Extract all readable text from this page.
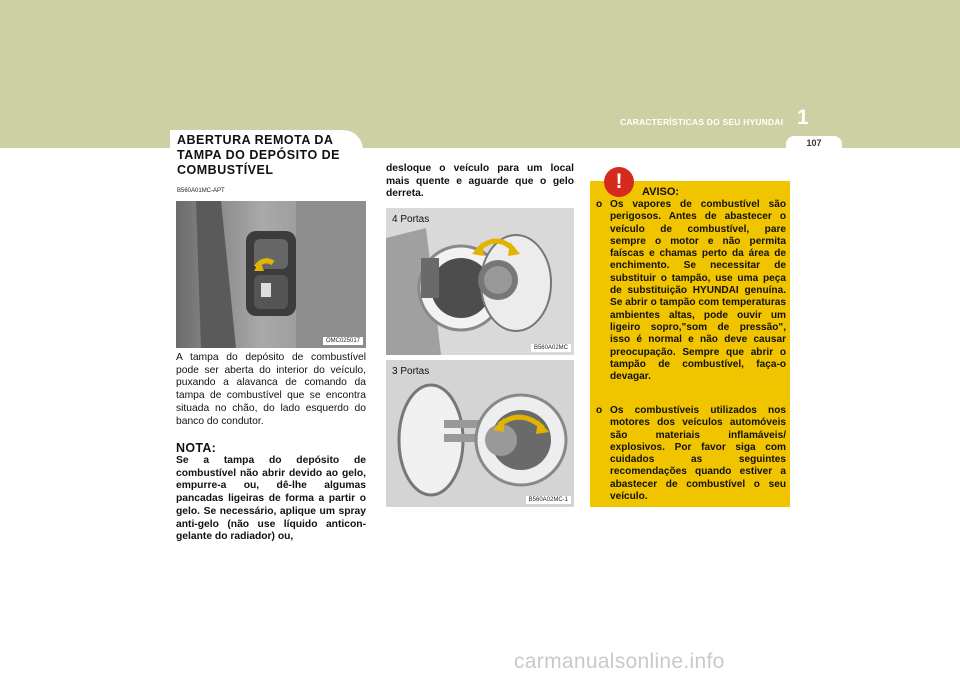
CARACTERÍSTICAS DO SEU HYUNDAI 1
107
ABERTURA REMOTA DA TAMPA DO DEPÓSITO DE COMBUSTÍVEL
B560A01MC-APT
OMC025017
A tampa do depósito de combustível pode ser aberta do interior do veículo, puxando a alavanca de comando da tampa de combustível que se encontra situada no chão, do lado esquerdo do banco do condutor.
NOTA:
Se a tampa do depósito de combustível não abrir devido ao gelo, empurre-a ou, dê-lhe algumas pancadas ligeiras de forma a partir o gelo. Se necessário, aplique um spray anti-gelo (não use líquido anticon-gelante do radiador) ou,
desloque o veículo para um local mais quente e aguarde que o gelo derreta.
4 Portas
B560A02MC
3 Portas
B560A02MC-1
!	AVISO:
o Os vapores de combustível são perigosos. Antes de abastecer o veículo de combustível, pare sempre o motor e não permita faíscas e chamas perto da área de enchimento. Se necessitar de substituir o tampão, use uma peça de substituição HYUNDAI genuína. Se abrir o tampão com temperaturas ambientes altas, pode ouvir um ligeiro sopro,"som de pressão", isso é normal e não deve causar preocupação. Sempre que abrir o tampão de combustível, faça-o devagar.
o Os combustíveis utilizados nos motores dos veículos automóveis são materiais inflamáveis/ explosivos. Por favor siga com cuidados as seguintes recomendações quando estiver a abastecer de combustível o seu veículo.
carmanualsonline.info
